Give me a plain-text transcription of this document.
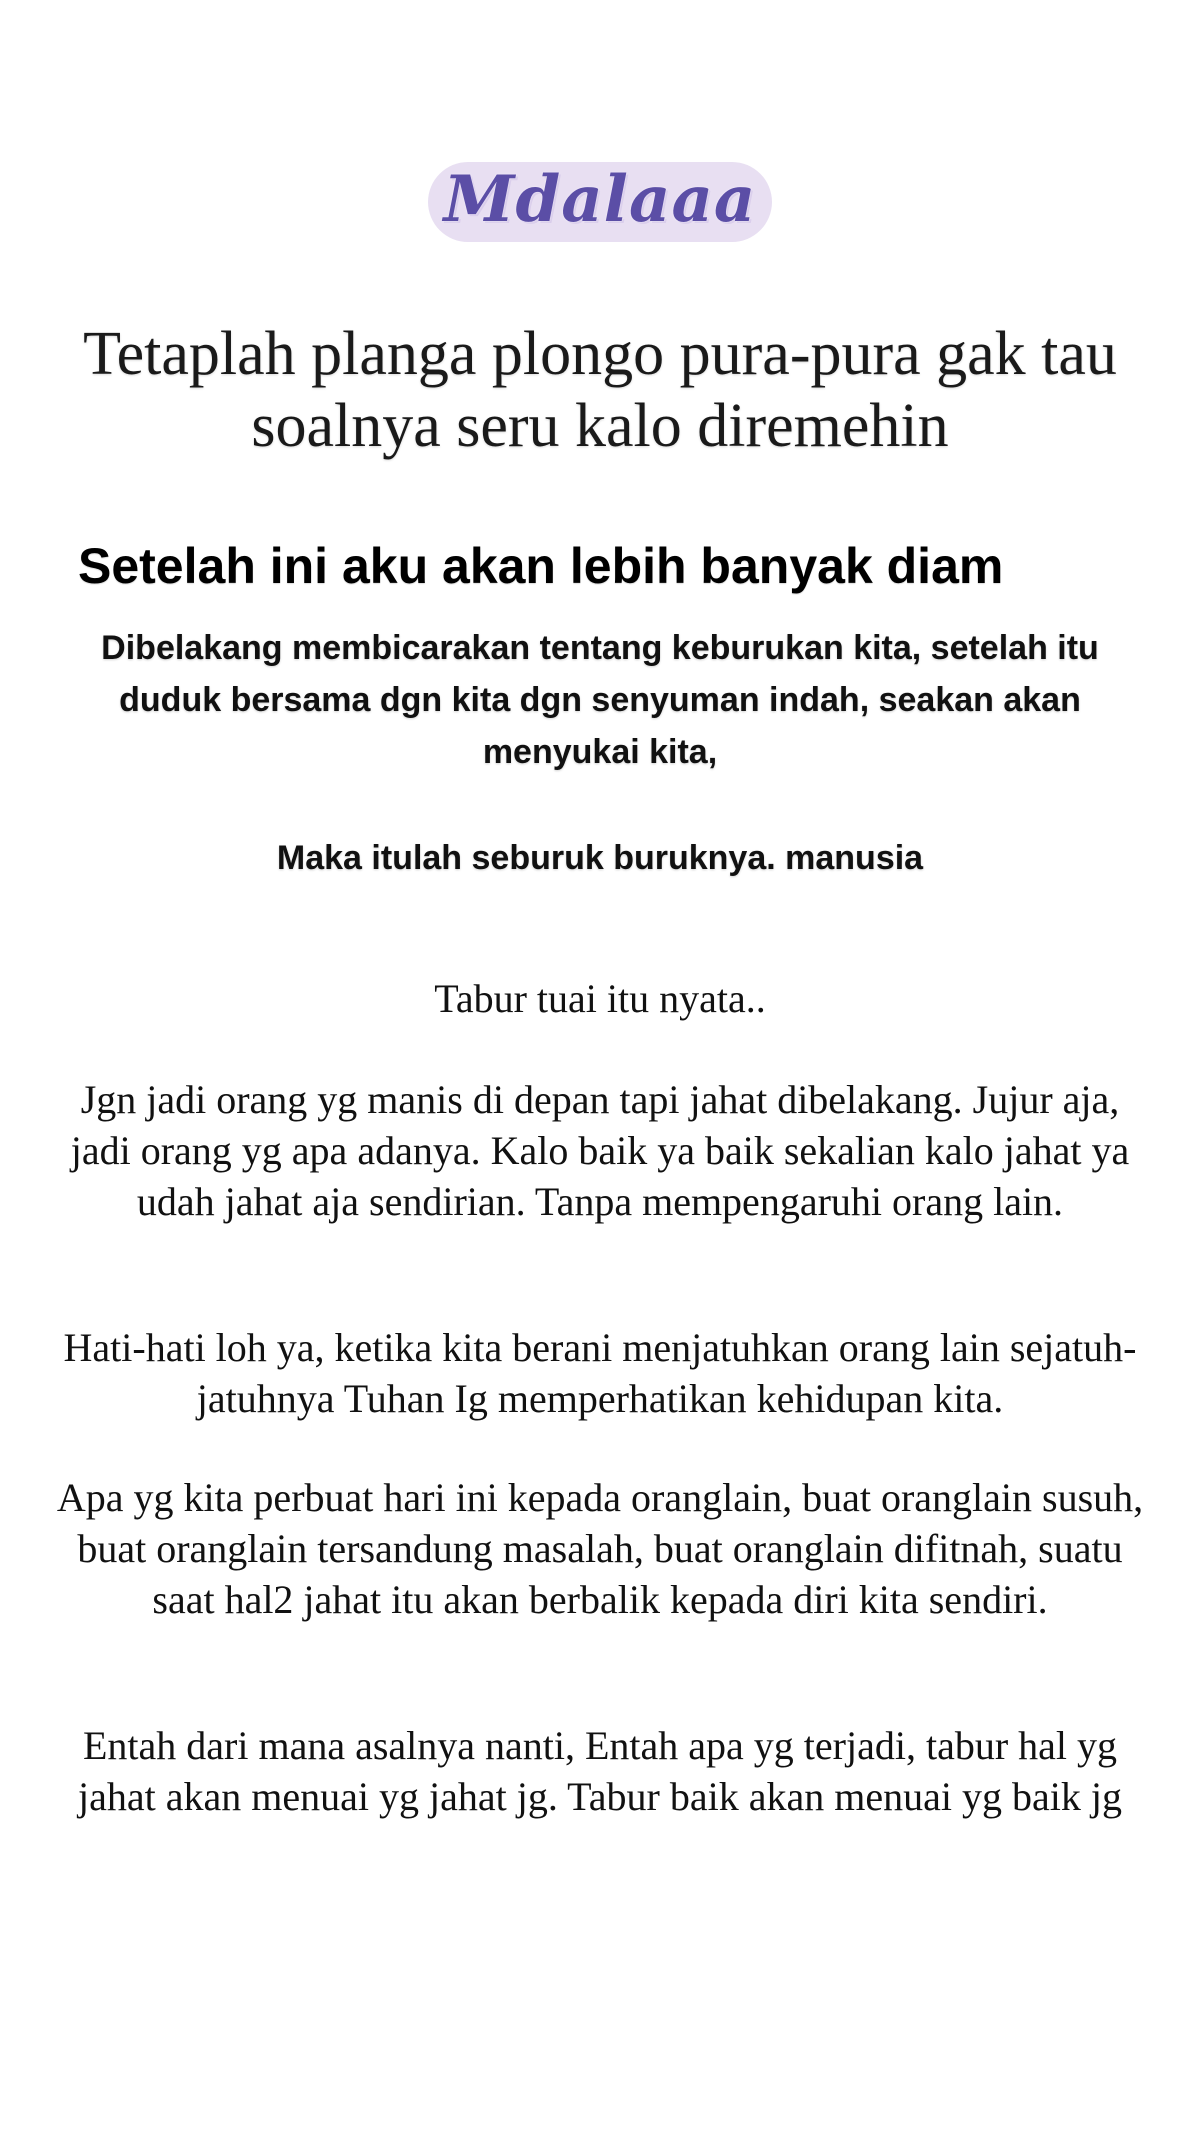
Mdalaaa
Tetaplah planga plongo pura-pura gak tau soalnya seru kalo diremehin
Setelah ini aku akan lebih banyak diam

Dibelakang membicarakan tentang keburukan kita, setelah itu duduk bersama dgn kita dgn senyuman indah, seakan akan menyukai kita,

Maka itulah seburuk buruknya. manusia

Tabur tuai itu nyata..

Jgn jadi orang yg manis di depan tapi jahat dibelakang. Jujur aja, jadi orang yg apa adanya. Kalo baik ya baik sekalian kalo jahat ya udah jahat aja sendirian. Tanpa mempengaruhi orang lain.

Hati-hati loh ya, ketika kita berani menjatuhkan orang lain sejatuh-jatuhnya Tuhan Ig memperhatikan kehidupan kita.

Apa yg kita perbuat hari ini kepada oranglain, buat oranglain susuh, buat oranglain tersandung masalah, buat oranglain difitnah, suatu saat hal2 jahat itu akan berbalik kepada diri kita sendiri.

Entah dari mana asalnya nanti, Entah apa yg terjadi, tabur hal yg jahat akan menuai yg jahat jg. Tabur baik akan menuai yg baik jg
